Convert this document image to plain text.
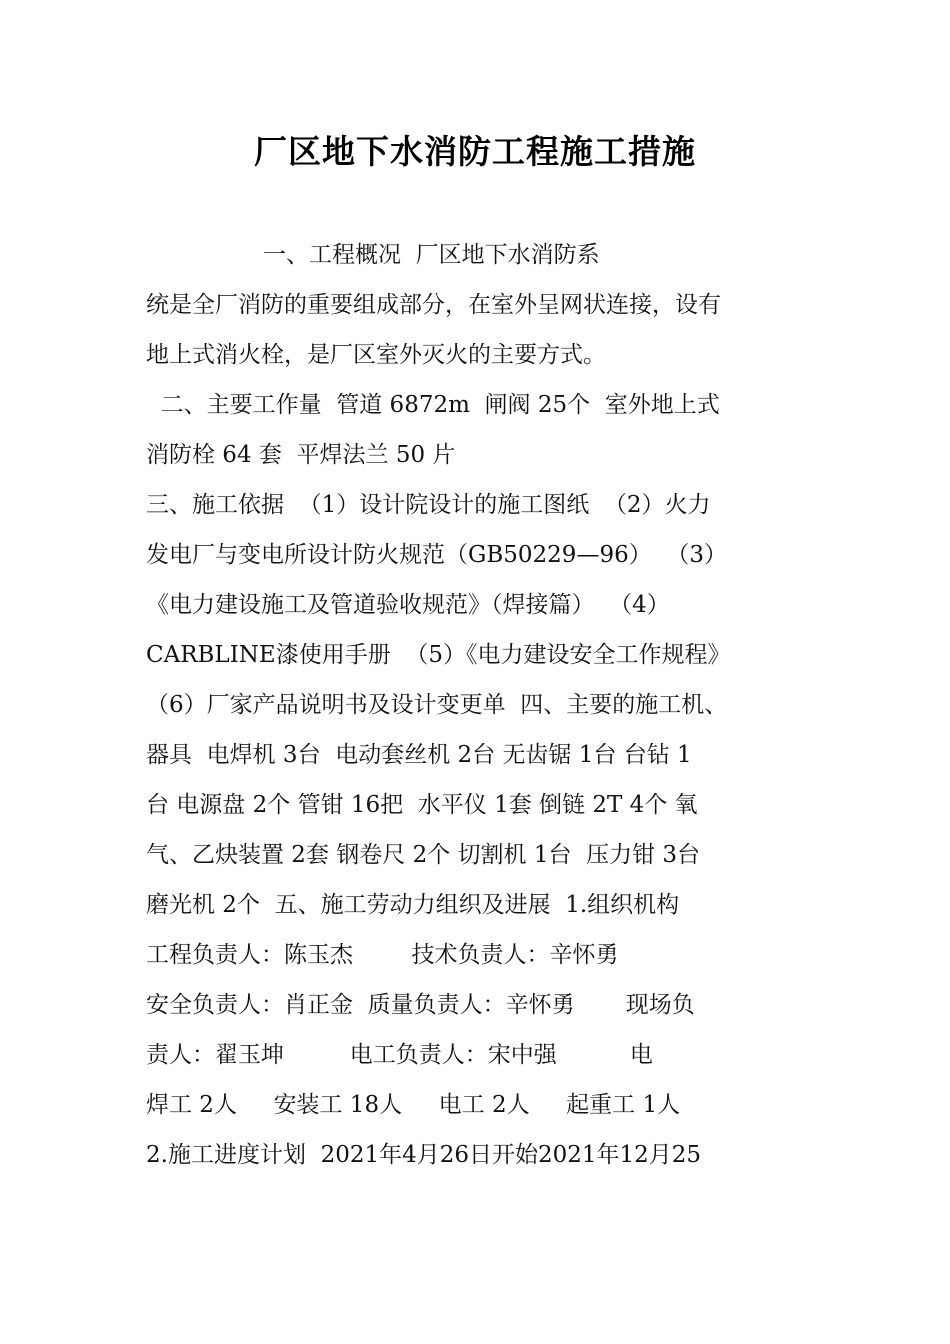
厂区地下水消防工程施工措施
一、工程概况  厂区地下水消防系
统是全厂消防的重要组成部分，在室外呈网状连接，设有
地上式消火栓，是厂区室外灭火的主要方式。
二、主要工作量  管道 6872m  闸阀 25个  室外地上式
消防栓 64 套  平焊法兰 50 片
三、施工依据  （1）设计院设计的施工图纸  （2）火力
发电厂与变电所设计防火规范（GB50229—96）  （3）
《电力建设施工及管道验收规范》（焊接篇）  （4）
CARBLINE漆使用手册  （5）《电力建设安全工作规程》
（6）厂家产品说明书及设计变更单  四、主要的施工机、
器具  电焊机 3台  电动套丝机 2台 无齿锯 1台 台钻 1
台 电源盘 2个 管钳 16把  水平仪 1套 倒链 2T 4个 氧
气、乙炔装置 2套 钢卷尺 2个 切割机 1台  压力钳 3台
磨光机 2个  五、施工劳动力组织及进展  1.组织机构
工程负责人：陈玉杰        技术负责人：辛怀勇
安全负责人：肖正金  质量负责人：辛怀勇       现场负
责人：翟玉坤         电工负责人：宋中强          电
焊工 2人     安装工 18人     电工 2人     起重工 1人
2.施工进度计划  2021年4月26日开始2021年12月25
